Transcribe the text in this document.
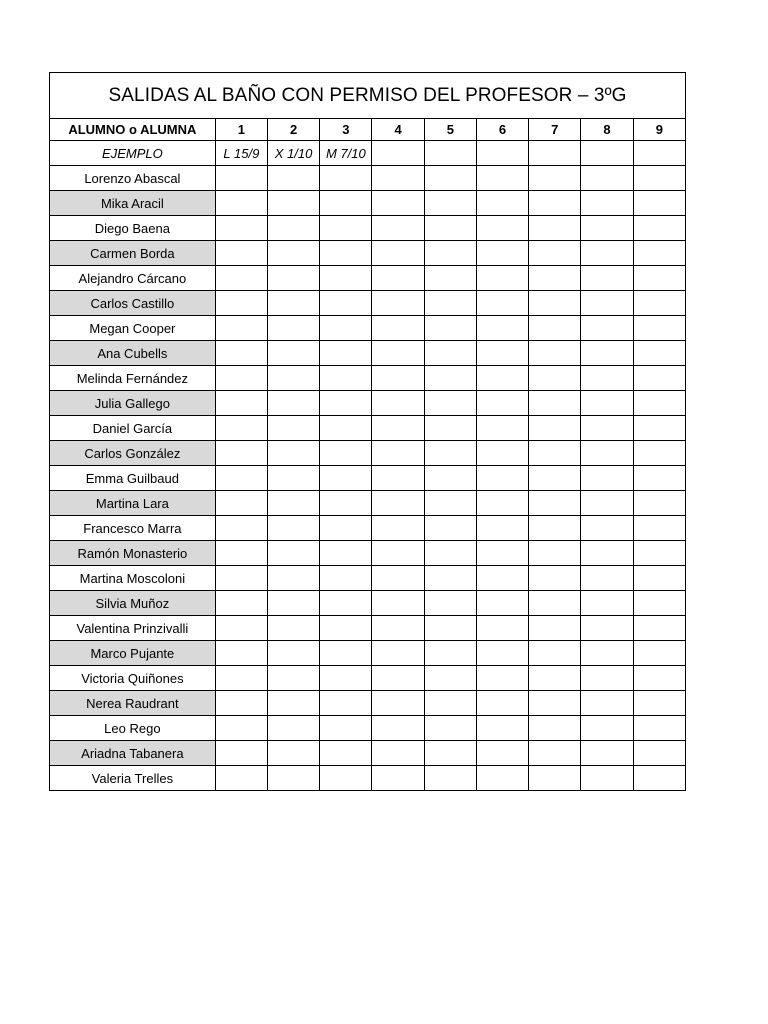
SALIDAS AL BAÑO CON PERMISO DEL PROFESOR – 3ºG									
ALUMNO o ALUMNA	1	2	3	4	5	6	7	8	9
EJEMPLO	L 15/9	X 1/10	M 7/10						
Lorenzo Abascal									
Mika Aracil									
Diego Baena									
Carmen Borda									
Alejandro Cárcano									
Carlos Castillo									
Megan Cooper									
Ana Cubells									
Melinda Fernández									
Julia Gallego									
Daniel García									
Carlos González									
Emma Guilbaud									
Martina Lara									
Francesco Marra									
Ramón Monasterio									
Martina Moscoloni									
Silvia Muñoz									
Valentina Prinzivalli									
Marco Pujante									
Victoria Quiñones									
Nerea Raudrant									
Leo Rego									
Ariadna Tabanera									
Valeria Trelles									
